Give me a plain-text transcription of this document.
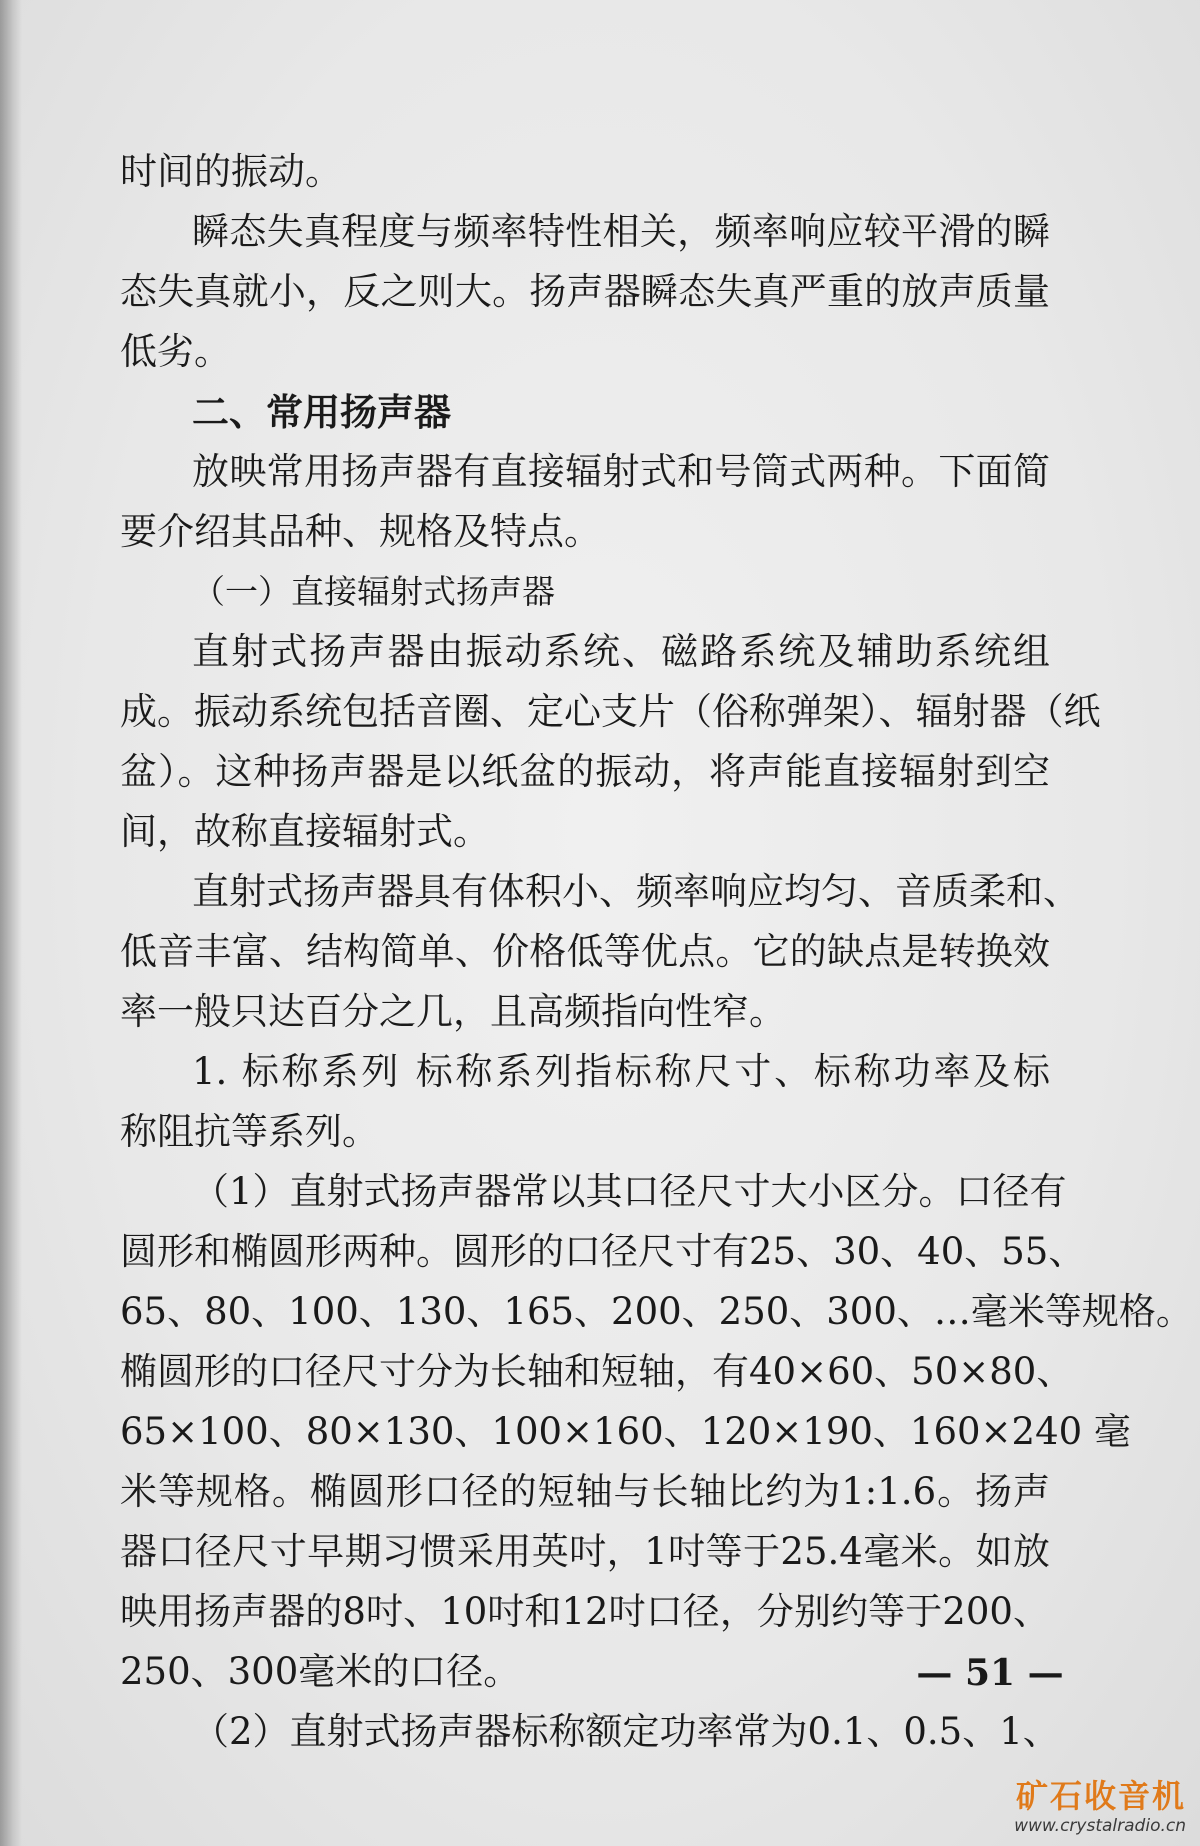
时间的振动。
瞬态失真程度与频率特性相关，频率响应较平滑的瞬
态失真就小，反之则大。扬声器瞬态失真严重的放声质量
低劣。
二、常用扬声器
放映常用扬声器有直接辐射式和号筒式两种。下面简
要介绍其品种、规格及特点。
（一）直接辐射式扬声器
直射式扬声器由振动系统、磁路系统及辅助系统组
成。振动系统包括音圈、定心支片（俗称弹架）、辐射器（纸
盆）。这种扬声器是以纸盆的振动，将声能直接辐射到空
间，故称直接辐射式。
直射式扬声器具有体积小、频率响应均匀、音质柔和、
低音丰富、结构简单、价格低等优点。它的缺点是转换效
率一般只达百分之几，且高频指向性窄。
1. 标称系列 标称系列指标称尺寸、标称功率及标
称阻抗等系列。
（1）直射式扬声器常以其口径尺寸大小区分。口径有
圆形和椭圆形两种。圆形的口径尺寸有25、30、40、55、
65、80、100、130、165、200、250、300、…毫米等规格。
椭圆形的口径尺寸分为长轴和短轴，有40×60、50×80、
65×100、80×130、100×160、120×190、160×240 毫
米等规格。椭圆形口径的短轴与长轴比约为1:1.6。扬声
器口径尺寸早期习惯采用英吋，1吋等于25.4毫米。如放
映用扬声器的8吋、10吋和12吋口径，分别约等于200、
250、300毫米的口径。
（2）直射式扬声器标称额定功率常为0.1、0.5、1、
— 51 —
矿石收音机
www.crystalradio.cn
